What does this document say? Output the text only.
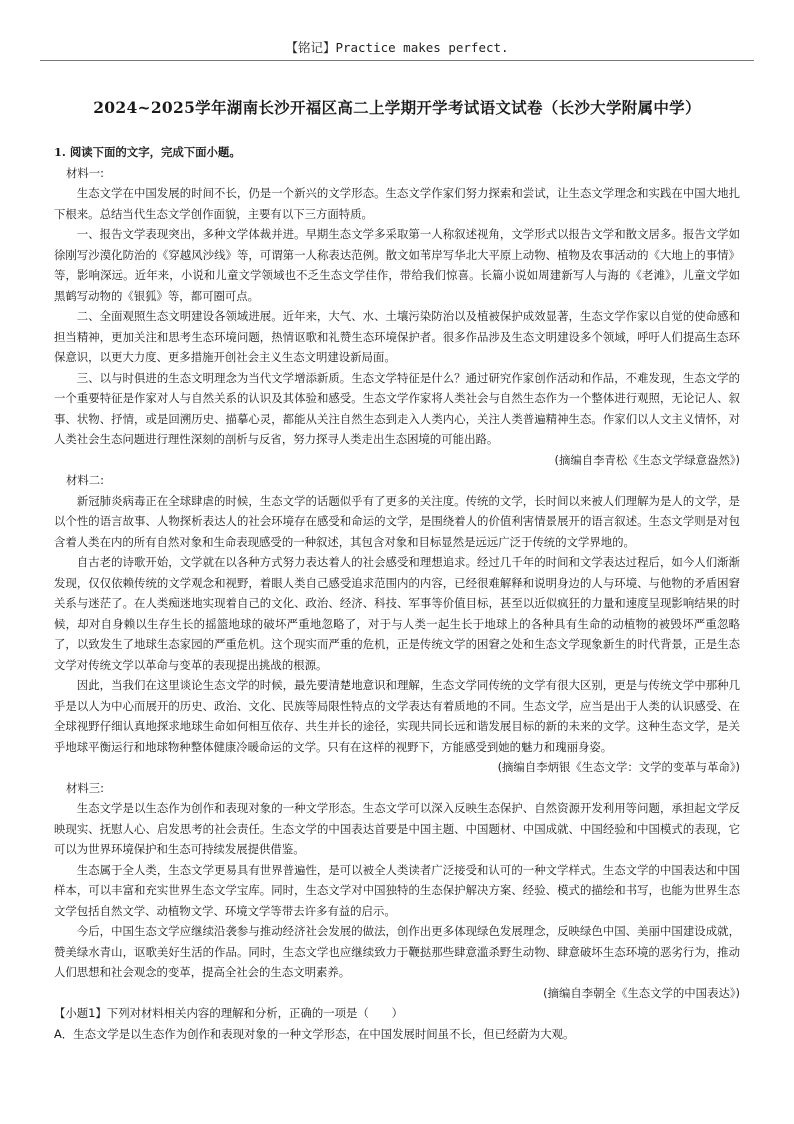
【铭记】Practice makes perfect.
2024~2025学年湖南长沙开福区高二上学期开学考试语文试卷（长沙大学附属中学）
1. 阅读下面的文字，完成下面小题。
材料一:

生态文学在中国发展的时间不长，仍是一个新兴的文学形态。生态文学作家们努力探索和尝试，让生态文学理念和实践在中国大地扎下根来。总结当代生态文学创作面貌，主要有以下三方面特质。

一、报告文学表现突出，多种文学体裁并进。早期生态文学多采取第一人称叙述视角，文学形式以报告文学和散文居多。报告文学如徐刚写沙漠化防治的《穿越风沙线》等，可谓第一人称表达范例。散文如苇岸写华北大平原上动物、植物及农事活动的《大地上的事情》等，影响深远。近年来，小说和儿童文学领域也不乏生态文学佳作，带给我们惊喜。长篇小说如周建新写人与海的《老滩》，儿童文学如黑鹤写动物的《银狐》等，都可圈可点。

二、全面观照生态文明建设各领域进展。近年来，大气、水、土壤污染防治以及植被保护成效显著，生态文学作家以自觉的使命感和担当精神，更加关注和思考生态环境问题，热情讴歌和礼赞生态环境保护者。很多作品涉及生态文明建设多个领域，呼吁人们提高生态环保意识，以更大力度、更多措施开创社会主义生态文明建设新局面。

三、以与时俱进的生态文明理念为当代文学增添新质。生态文学特征是什么？通过研究作家创作活动和作品，不难发现，生态文学的一个重要特征是作家对人与自然关系的认识及其体验和感受。生态文学作家将人类社会与自然生态作为一个整体进行观照，无论记人、叙事、状物、抒情，或是回溯历史、描摹心灵，都能从关注自然生态到走入人类内心，关注人类普遍精神生态。作家们以人文主义情怀，对人类社会生态问题进行理性深刻的剖析与反省，努力探寻人类走出生态困境的可能出路。

(摘编自李青松《生态文学绿意盎然》)

材料二:

新冠肺炎病毒正在全球肆虐的时候，生态文学的话题似乎有了更多的关注度。传统的文学，长时间以来被人们理解为是人的文学，是以个性的语言故事、人物探析表达人的社会环境存在感受和命运的文学，是围绕着人的价值利害情景展开的语言叙述。生态文学则是对包含着人类在内的所有自然对象和生命表现感受的一种叙述，其包含对象和目标显然是远远广泛于传统的文学界地的。

自古老的诗歌开始，文学就在以各种方式努力表达着人的社会感受和理想追求。经过几千年的时间和文学表达过程后，如今人们渐渐发现，仅仅依赖传统的文学观念和视野，着眼人类自己感受追求范围内的内容，已经很难解释和说明身边的人与环境、与他物的矛盾困窘关系与迷茫了。在人类痴迷地实现着自己的文化、政治、经济、科技、军事等价值目标，甚至以近似疯狂的力量和速度呈现影响结果的时候，却对自身赖以生存生长的摇篮地球的破坏严重地忽略了，对于与人类一起生长于地球上的各种具有生命的动植物的被毁坏严重忽略了，以致发生了地球生态家园的严重危机。这个现实而严重的危机，正是传统文学的困窘之处和生态文学现象新生的时代背景，正是生态文学对传统文学以革命与变革的表现提出挑战的根源。

因此，当我们在这里谈论生态文学的时候，最先要清楚地意识和理解，生态文学同传统的文学有很大区别，更是与传统文学中那种几乎是以人为中心而展开的历史、政治、文化、民族等局限性特点的文学表达有着质地的不同。生态文学，应当是出于人类的认识感受、在全球视野仔细认真地探求地球生命如何相互依存、共生并长的途径，实现共同长远和谐发展目标的新的未来的文学。这种生态文学，是关乎地球平衡运行和地球物种整体健康冷暖命运的文学。只有在这样的视野下，方能感受到她的魅力和瑰丽身姿。

(摘编自李炳银《生态文学：文学的变革与革命》)

材料三:

生态文学是以生态作为创作和表现对象的一种文学形态。生态文学可以深入反映生态保护、自然资源开发利用等问题，承担起文学反映现实、抚慰人心、启发思考的社会责任。生态文学的中国表达首要是中国主题、中国题材、中国成就、中国经验和中国模式的表现，它可以为世界环境保护和生态可持续发展提供借鉴。

生态属于全人类，生态文学更易具有世界普遍性，是可以被全人类读者广泛接受和认可的一种文学样式。生态文学的中国表达和中国样本，可以丰富和充实世界生态文学宝库。同时，生态文学对中国独特的生态保护解决方案、经验、模式的描绘和书写，也能为世界生态文学包括自然文学、动植物文学、环境文学等带去许多有益的启示。

今后，中国生态文学应继续沿袭参与推动经济社会发展的做法，创作出更多体现绿色发展理念，反映绿色中国、美丽中国建设成就，赞美绿水青山，讴歌美好生活的作品。同时，生态文学也应继续致力于鞭挞那些肆意滥杀野生动物、肆意破坏生态环境的恶劣行为，推动人们思想和社会观念的变革，提高全社会的生态文明素养。

(摘编自李朝全《生态文学的中国表达》)

【小题1】下列对材料相关内容的理解和分析，正确的一项是（　　）

A．生态文学是以生态作为创作和表现对象的一种文学形态，在中国发展时间虽不长，但已经蔚为大观。
